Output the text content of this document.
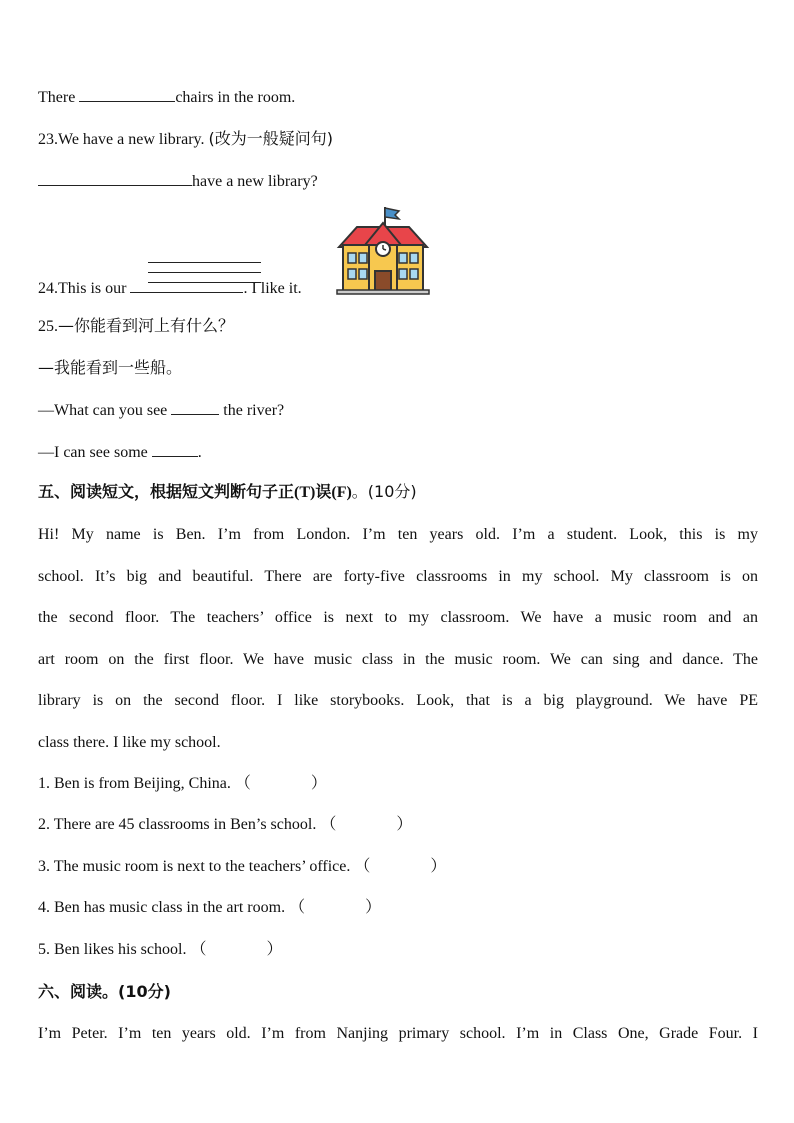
There	chairs in the room.
23.We have a new library. (改为一般疑问句)
have a new library?
24.This is our	. I like it.
25.—你能看到河上有什么？
—我能看到一些船。
—What can you see	the river?
—I can see some	.
五、阅读短文，根据短文判断句子正(T)误(F)。(10分)
Hi! My name is Ben. I’m from London. I’m ten years old. I’m a student. Look, this is my
school. It’s big and beautiful. There are forty-five classrooms in my school. My classroom is on
the second floor. The teachers’ office is next to my classroom. We have a music room and an
art room on the first floor. We have music class in the music room. We can sing and dance. The
library is on the second floor. I like storybooks. Look, that is a big playground. We have PE
class there. I like my school.
1. Ben is from Beijing, China. （	）
2. There are 45 classrooms in Ben’s school. （	）
3. The music room is next to the teachers’ office. （	）
4. Ben has music class in the art room. （	）
5. Ben likes his school. （	）
六、阅读。(10分)
I’m Peter. I’m ten years old. I’m from Nanjing primary school. I’m in Class One, Grade Four. I
